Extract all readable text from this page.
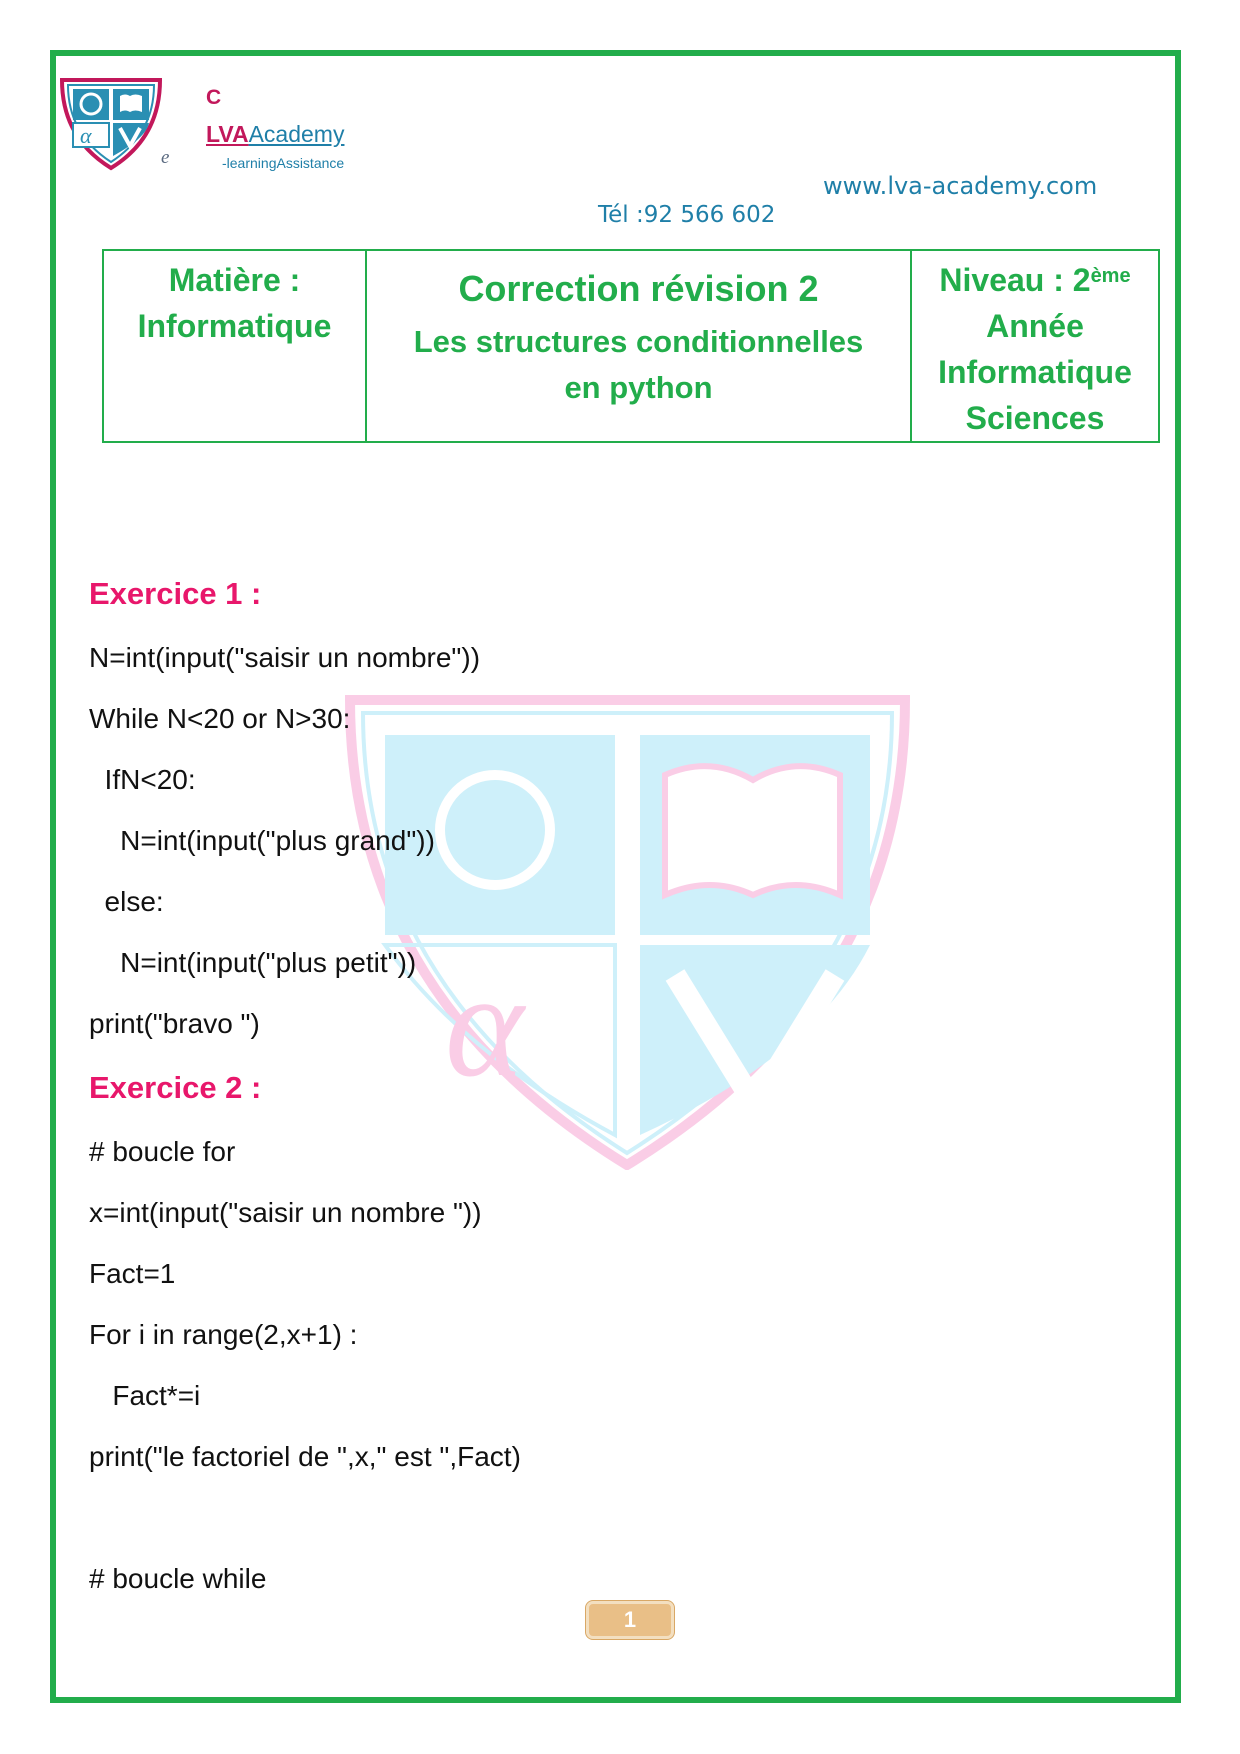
α
C
LVAAcademy
e	-learningAssistance
www.lva-academy.com
Tél :92 566 602
Matière :
Informatique

Correction révision 2
Les structures conditionnelles
en python

Niveau : 2ème
Année
Informatique
Sciences
α
Exercice 1 :
N=int(input("saisir un nombre"))
While N<20 or N>30:
IfN<20:
N=int(input("plus grand"))
else:
N=int(input("plus petit"))
print("bravo ")
Exercice 2 :
# boucle for
x=int(input("saisir un nombre "))
Fact=1
For i in range(2,x+1) :
Fact*=i
print("le factoriel de ",x," est ",Fact)
# boucle while
1
